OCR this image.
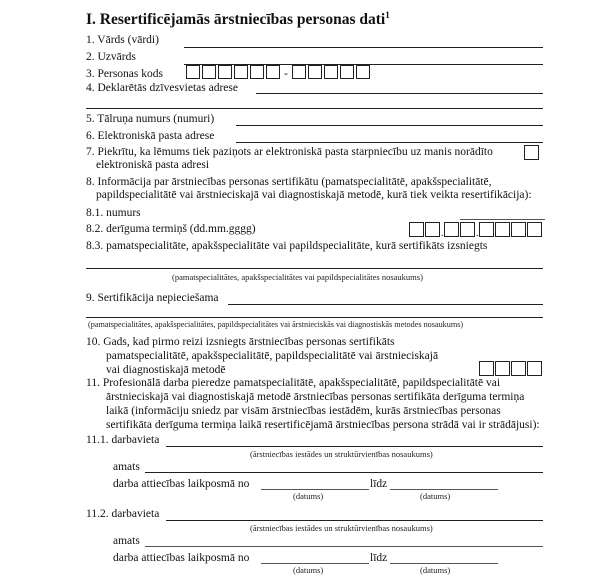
I. Resertificējamās ārstniecības personas dati$^1$
1. Vārds (vārdi)
2. Uzvārds
3. Personas kods	-
4. Deklarētās dzīvesvietas adrese
5. Tālruņa numurs (numuri)
6. Elektroniskā pasta adrese
7. Piekrītu, ka lēmums tiek paziņots ar elektroniskā pasta starpniecību uz manis norādīto
elektroniskā pasta adresi
8. Informācija par ārstniecības personas sertifikātu (pamatspecialitātē, apakšspecialitātē,
papildspecialitātē vai ārstnieciskajā vai diagnostiskajā metodē, kurā tiek veikta resertifikācija):
8.1. numurs
8.2. derīguma termiņš (dd.mm.gggg)	.	.
8.3. pamatspecialitāte, apakšspecialitāte vai papildspecialitāte, kurā sertifikāts izsniegts
(pamatspecialitātes, apakšspecialitātes vai papildspecialitātes nosaukums)
9. Sertifikācija nepieciešama
(pamatspecialitātes, apakšspecialitātes, papildspecialitātes vai ārstnieciskās vai diagnostiskās metodes nosaukums)
10. Gads, kad pirmo reizi izsniegts ārstniecības personas sertifikāts
pamatspecialitātē, apakšspecialitātē, papildspecialitātē vai ārstnieciskajā
vai diagnostiskajā metodē
11. Profesionālā darba pieredze pamatspecialitātē, apakšspecialitātē, papildspecialitātē vai
ārstnieciskajā vai diagnostiskajā metodē ārstniecības personas sertifikāta derīguma termiņa
laikā (informāciju sniedz par visām ārstniecības iestādēm, kurās ārstniecības personas
sertifikāta derīguma termiņa laikā resertificējamā ārstniecības persona strādā vai ir strādājusi):
11.1. darbavieta
(ārstniecības iestādes un struktūrvienības nosaukums)
amats
darba attiecības laikposmā no	līdz
(datums)	(datums)
11.2. darbavieta
(ārstniecības iestādes un struktūrvienības nosaukums)
amats
darba attiecības laikposmā no	līdz
(datums)	(datums)
